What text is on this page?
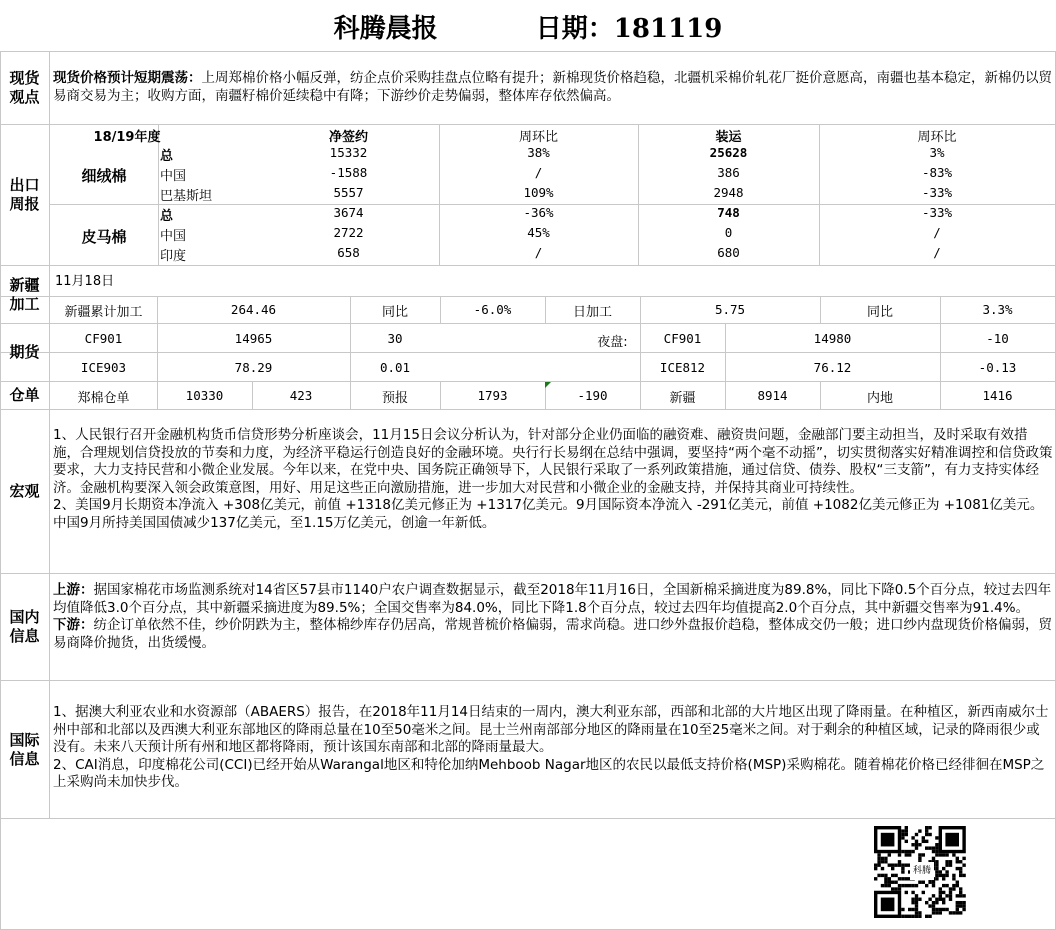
科腾晨报	日期：181119
现货
观点
出口
周报
新疆
加工
期货
仓单
宏观
国内
信息
国际
信息
现货价格预计短期震荡：上周郑棉价格小幅反弹，纺企点价采购挂盘点位略有提升；新棉现货价格趋稳，北疆机采棉价轧花厂挺价意愿高，南疆也基本稳定，新棉仍以贸易商交易为主；收购方面，南疆籽棉价延续稳中有降；下游纱价走势偏弱，整体库存依然偏高。
18/19年度	净签约	周环比	装运	周环比
细绒棉
皮马棉
总	15332	38%	25628	3%
中国	-1588	/	386	-83%
巴基斯坦	5557	109%	2948	-33%
总	3674	-36%	748	-33%
中国	2722	45%	0	/
印度	658	/	680	/
11月18日
新疆累计加工	264.46	同比	-6.0%	日加工	5.75	同比	3.3%
夜盘:
CF901	14965	30	CF901	14980	-10
ICE903	78.29	0.01	ICE812	76.12	-0.13
郑棉仓单	10330	423	预报	1793	-190	新疆	8914	内地	1416
1、人民银行召开金融机构货币信贷形势分析座谈会，11月15日会议分析认为，针对部分企业仍面临的融资难、融资贵问题，金融部门要主动担当，及时采取有效措施，合理规划信贷投放的节奏和力度，为经济平稳运行创造良好的金融环境。央行行长易纲在总结中强调，要坚持“两个毫不动摇”，切实贯彻落实好精准调控和信贷政策要求，大力支持民营和小微企业发展。今年以来，在党中央、国务院正确领导下，人民银行采取了一系列政策措施，通过信贷、债券、股权“三支箭”，有力支持实体经济。金融机构要深入领会政策意图，用好、用足这些正向激励措施，进一步加大对民营和小微企业的金融支持，并保持其商业可持续性。
2、美国9月长期资本净流入 +308亿美元，前值 +1318亿美元修正为 +1317亿美元。9月国际资本净流入 -291亿美元，前值 +1082亿美元修正为 +1081亿美元。中国9月所持美国国债减少137亿美元，至1.15万亿美元，创逾一年新低。
上游：据国家棉花市场监测系统对14省区57县市1140户农户调查数据显示，截至2018年11月16日，全国新棉采摘进度为89.8%，同比下降0.5个百分点，较过去四年均值降低3.0个百分点，其中新疆采摘进度为89.5%；全国交售率为84.0%，同比下降1.8个百分点，较过去四年均值提高2.0个百分点，其中新疆交售率为91.4%。
下游：纺企订单依然不佳，纱价阴跌为主，整体棉纱库存仍居高，常规普梳价格偏弱，需求尚稳。进口纱外盘报价趋稳，整体成交仍一般；进口纱内盘现货价格偏弱，贸易商降价抛货，出货缓慢。
1、据澳大利亚农业和水资源部（ABAERS）报告，在2018年11月14日结束的一周内，澳大利亚东部，西部和北部的大片地区出现了降雨量。在种植区，新西南威尔士州中部和北部以及西澳大利亚东部地区的降雨总量在10至50毫米之间。昆士兰州南部部分地区的降雨量在10至25毫米之间。对于剩余的种植区域，记录的降雨很少或没有。未来八天预计所有州和地区都将降雨，预计该国东南部和北部的降雨量最大。
2、CAI消息，印度棉花公司(CCI)已经开始从Warangal地区和特伦加纳Mehboob Nagar地区的农民以最低支持价格(MSP)采购棉花。随着棉花价格已经徘徊在MSP之上采购尚未加快步伐。
科腾
